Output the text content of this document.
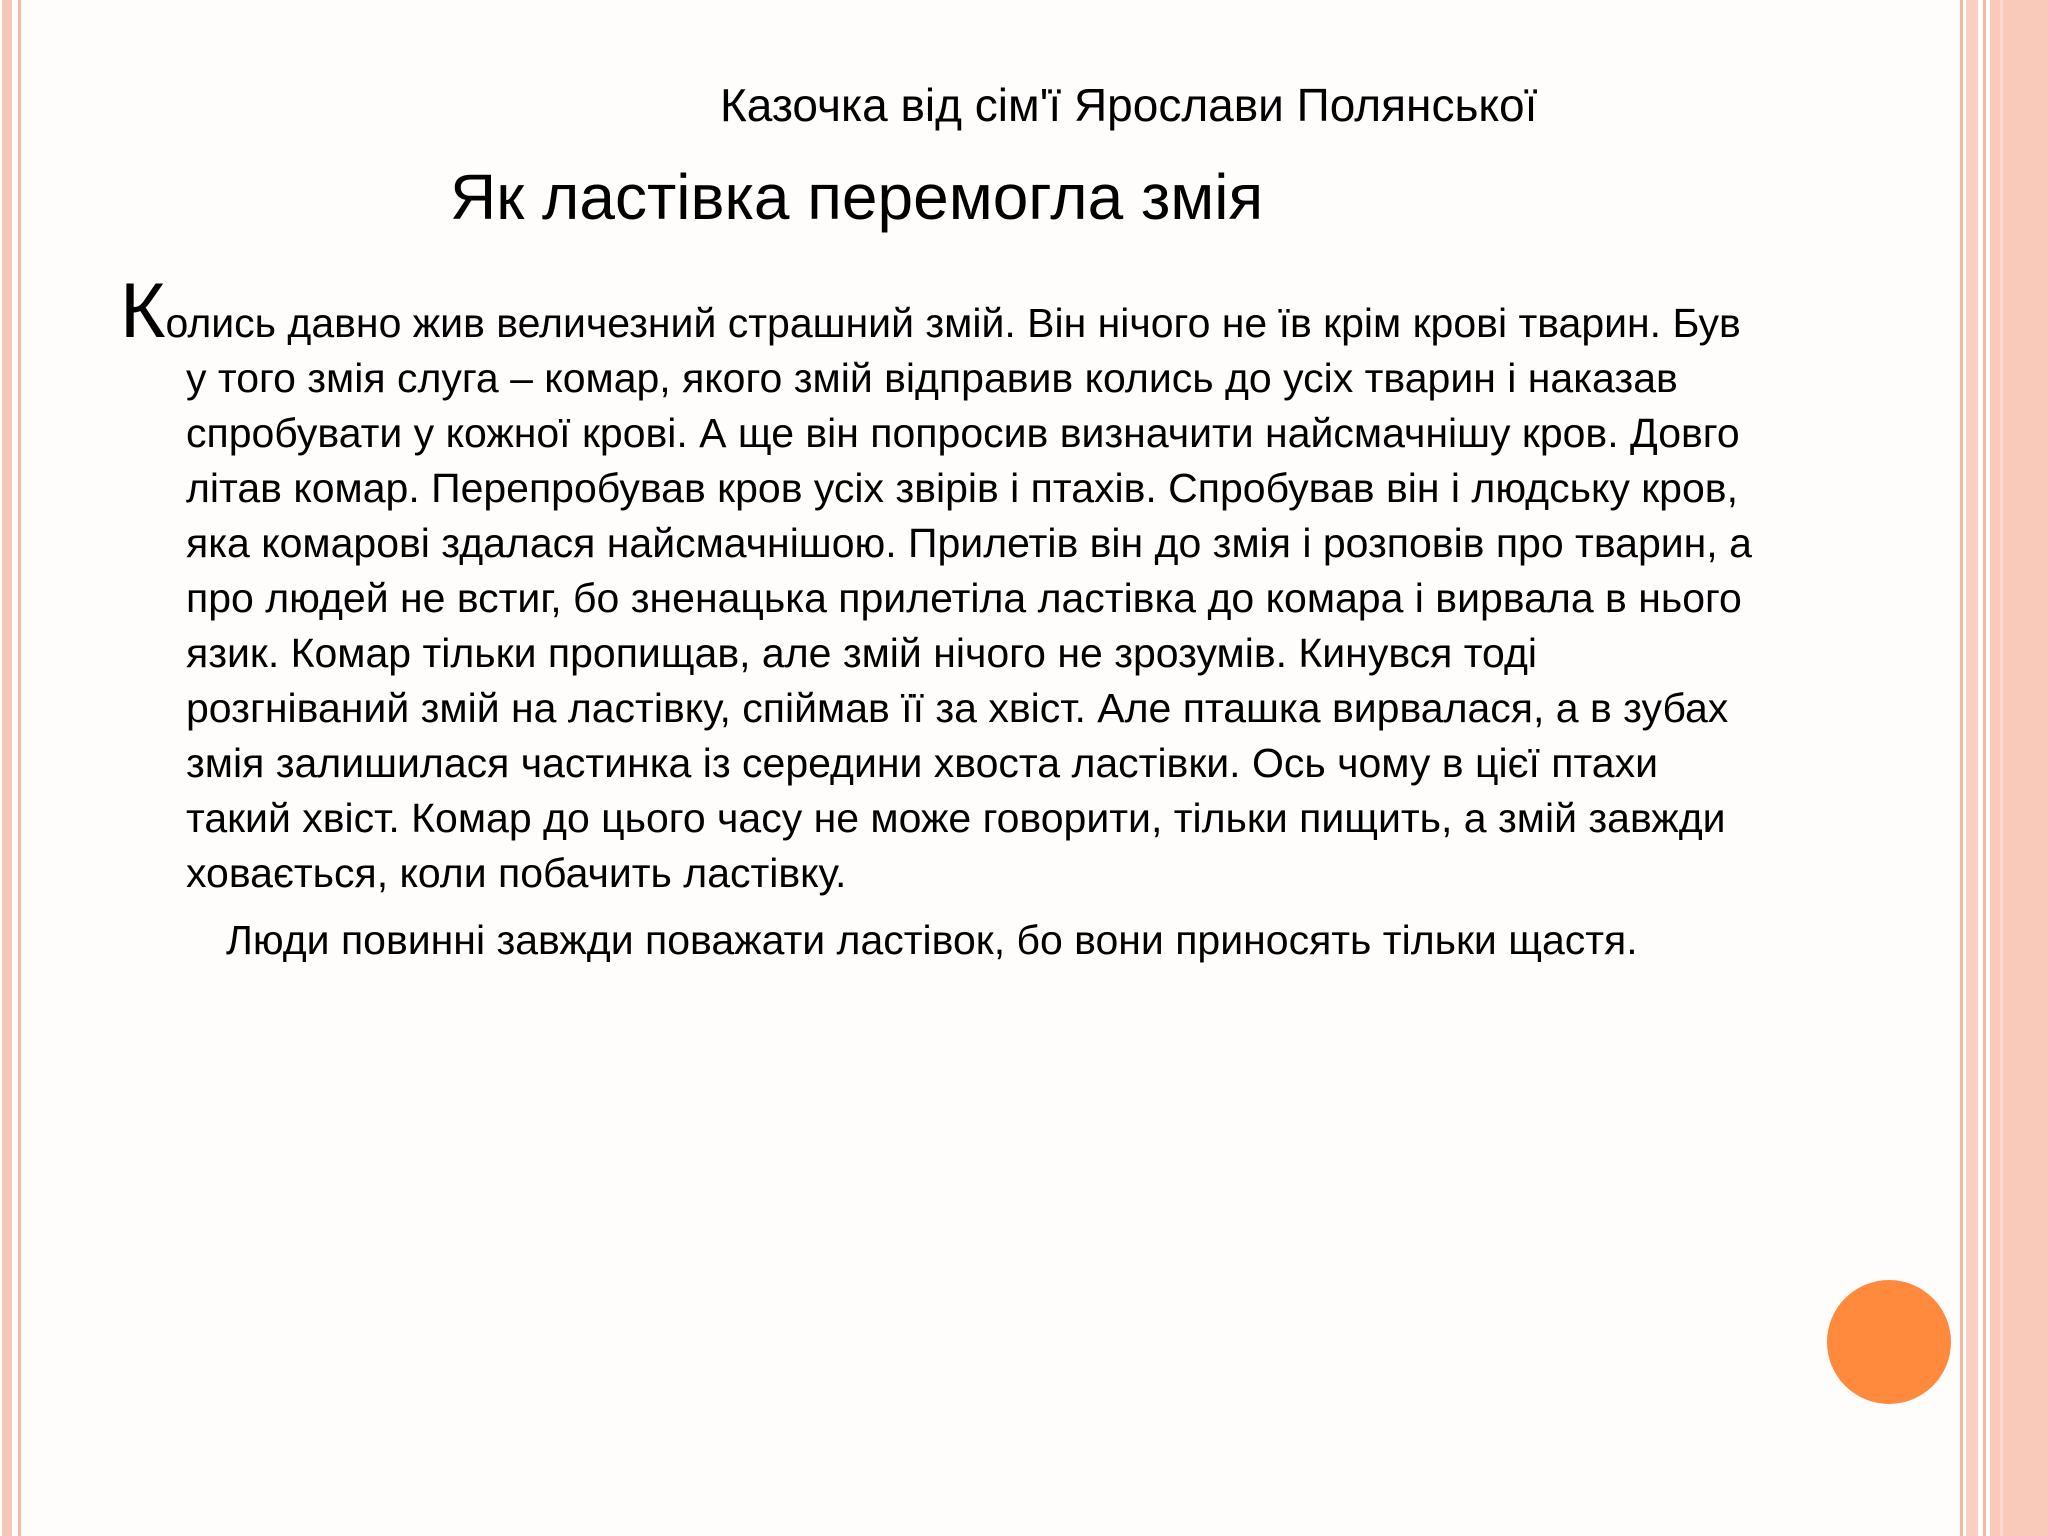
Казочка від сім'ї Ярослави Полянської
Як ластівка перемогла змія

Колись давно жив величезний страшний змій. Він нічого не їв крім крові тварин. Був у того змія слуга – комар, якого змій відправив колись до усіх тварин і наказав спробувати у кожної крові. А ще він попросив визначити найсмачнішу кров. Довго літав комар. Перепробував кров усіх звірів і птахів. Спробував він і людську кров, яка комарові здалася найсмачнішою. Прилетів він до змія і розповів про тварин, а про людей не встиг, бо зненацька прилетіла ластівка до комара і вирвала в нього язик. Комар тільки пропищав, але змій нічого не зрозумів. Кинувся тоді розгніваний змій на ластівку, спіймав її за хвіст. Але пташка вирвалася, а в зубах змія залишилася частинка із середини хвоста ластівки. Ось чому в цієї птахи такий хвіст. Комар до цього часу не може говорити, тільки пищить, а змій завжди ховається, коли побачить ластівку.

Люди повинні завжди поважати ластівок, бо вони приносять тільки щастя.
